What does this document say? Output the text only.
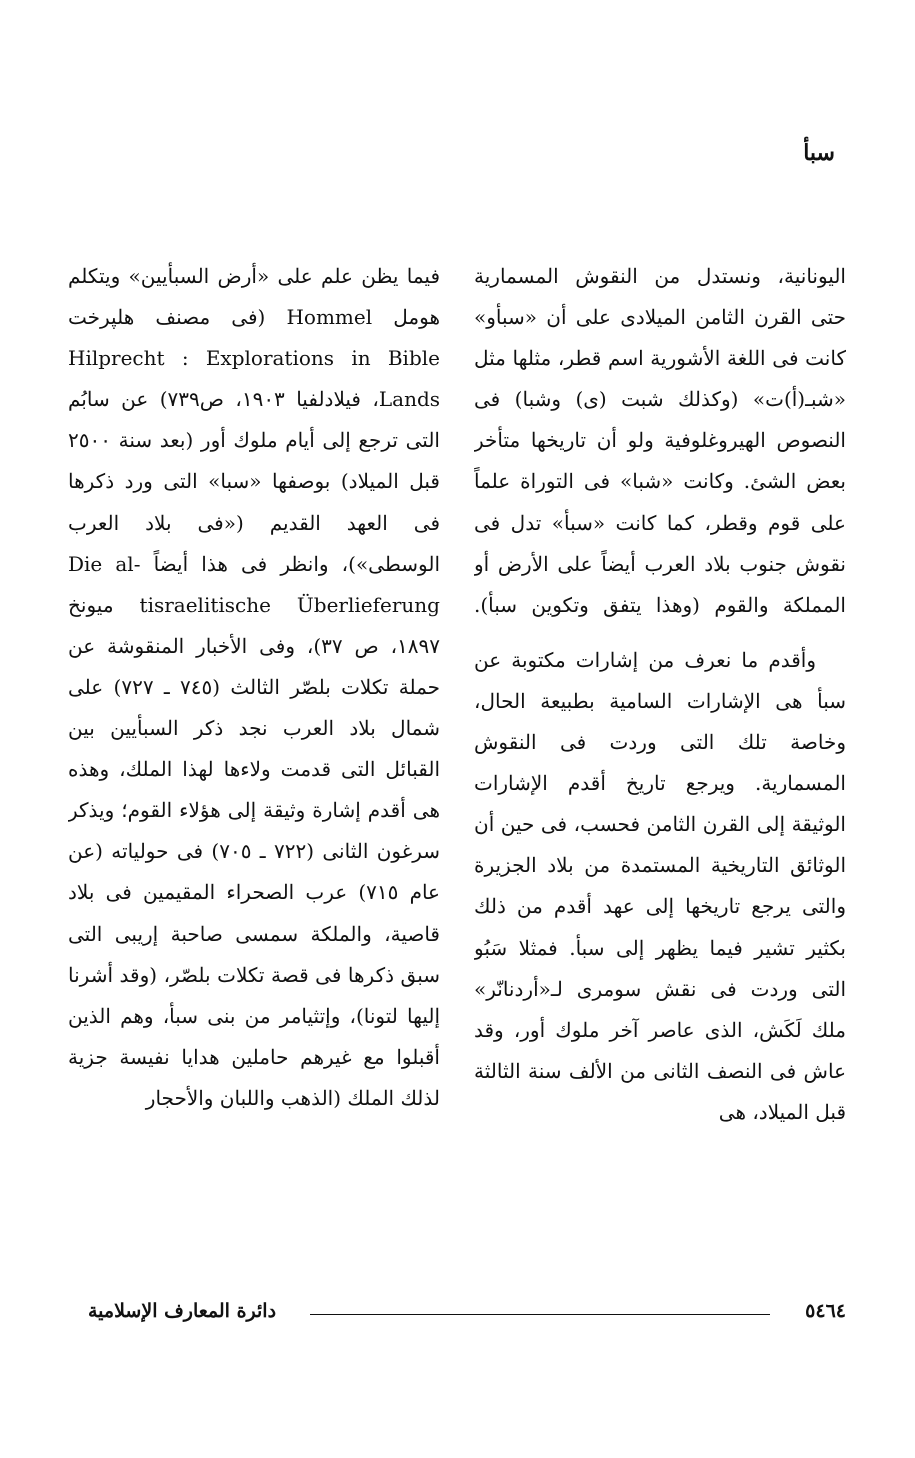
سبأ

اليونانية، ونستدل من النقوش المسمارية حتى القرن الثامن الميلادى على أن «سبأو» كانت فى اللغة الأشورية اسم قطر، مثلها مثل «شبـ(أ)ت» (وكذلك شبت (ى) وشبا) فى النصوص الهيروغلوفية ولو أن تاريخها متأخر بعض الشئ. وكانت «شبا» فى التوراة علماً على قوم وقطر، كما كانت «سبأ» تدل فى نقوش جنوب بلاد العرب أيضاً على الأرض أو المملكة والقوم (وهذا يتفق وتكوين سبأ).

وأقدم ما نعرف من إشارات مكتوبة عن سبأ هى الإشارات السامية بطبيعة الحال، وخاصة تلك التى وردت فى النقوش المسمارية. ويرجع تاريخ أقدم الإشارات الوثيقة إلى القرن الثامن فحسب، فى حين أن الوثائق التاريخية المستمدة من بلاد الجزيرة والتى يرجع تاريخها إلى عهد أقدم من ذلك بكثير تشير فيما يظهر إلى سبأ. فمثلا سَبُو التى وردت فى نقش سومرى لـ«أردنانّر» ملك لَكَش، الذى عاصر آخر ملوك أور، وقد عاش فى النصف الثانى من الألف سنة الثالثة قبل الميلاد، هى

فيما يظن علم على «أرض السبأيين» ويتكلم هومل Hommel (فى مصنف هلپرخت Hilprecht : Explorations in Bible Lands، فيلادلفيا ١٩٠٣، ص٧٣٩) عن سابُم التى ترجع إلى أيام ملوك أور (بعد سنة ٢٥٠٠ قبل الميلاد) بوصفها «سبا» التى ورد ذكرها فى العهد القديم («فى بلاد العرب الوسطى»)، وانظر فى هذا أيضاً Die al-tisraelitische Überlieferung ميونخ ١٨٩٧، ص ٣٧)، وفى الأخبار المنقوشة عن حملة تكلات بلصّر الثالث (٧٤٥ ـ ٧٢٧) على شمال بلاد العرب نجد ذكر السبأيين بين القبائل التى قدمت ولاءها لهذا الملك، وهذه هى أقدم إشارة وثيقة إلى هؤلاء القوم؛ ويذكر سرغون الثانى (٧٢٢ ـ ٧٠٥) فى حولياته (عن عام ٧١٥) عرب الصحراء المقيمين فى بلاد قاصية، والملكة سمسى صاحبة إريبى التى سبق ذكرها فى قصة تكلات بلصّر، (وقد أشرنا إليها لتونا)، وإتثيامر من بنى سبأ، وهم الذين أقبلوا مع غيرهم حاملين هدايا نفيسة جزية لذلك الملك (الذهب واللبان والأحجار

دائرة المعارف الإسلامية	٥٤٦٤
